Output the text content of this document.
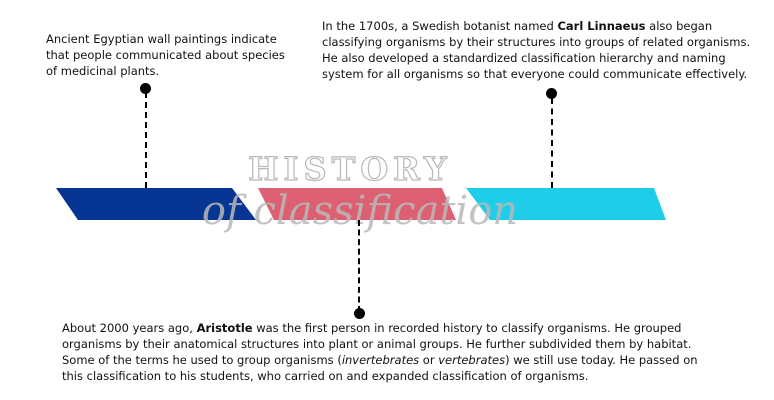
HISTORY
of classification

Ancient Egyptian wall paintings indicate that people communicated about species of medicinal plants.

In the 1700s, a Swedish botanist named Carl Linnaeus also began classifying organisms by their structures into groups of related organisms. He also developed a standardized classification hierarchy and naming system for all organisms so that everyone could communicate effectively.

About 2000 years ago, Aristotle was the first person in recorded history to classify organisms. He grouped organisms by their anatomical structures into plant or animal groups. He further subdivided them by habitat. Some of the terms he used to group organisms (invertebrates or vertebrates) we still use today. He passed on this classification to his students, who carried on and expanded classification of organisms.
